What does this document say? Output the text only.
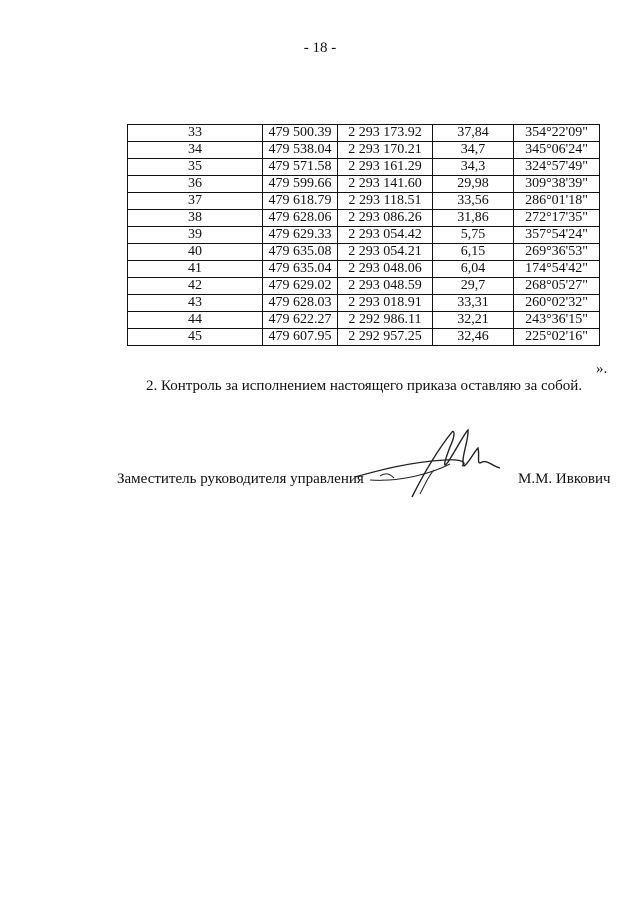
- 18 -
33	479 500.39	2 293 173.92	37,84	354°22'09"
34	479 538.04	2 293 170.21	34,7	345°06'24"
35	479 571.58	2 293 161.29	34,3	324°57'49"
36	479 599.66	2 293 141.60	29,98	309°38'39"
37	479 618.79	2 293 118.51	33,56	286°01'18"
38	479 628.06	2 293 086.26	31,86	272°17'35"
39	479 629.33	2 293 054.42	5,75	357°54'24"
40	479 635.08	2 293 054.21	6,15	269°36'53"
41	479 635.04	2 293 048.06	6,04	174°54'42"
42	479 629.02	2 293 048.59	29,7	268°05'27"
43	479 628.03	2 293 018.91	33,31	260°02'32"
44	479 622.27	2 292 986.11	32,21	243°36'15"
45	479 607.95	2 292 957.25	32,46	225°02'16"
».
2. Контроль за исполнением настоящего приказа оставляю за собой.
Заместитель руководителя управления	М.М. Ивкович
